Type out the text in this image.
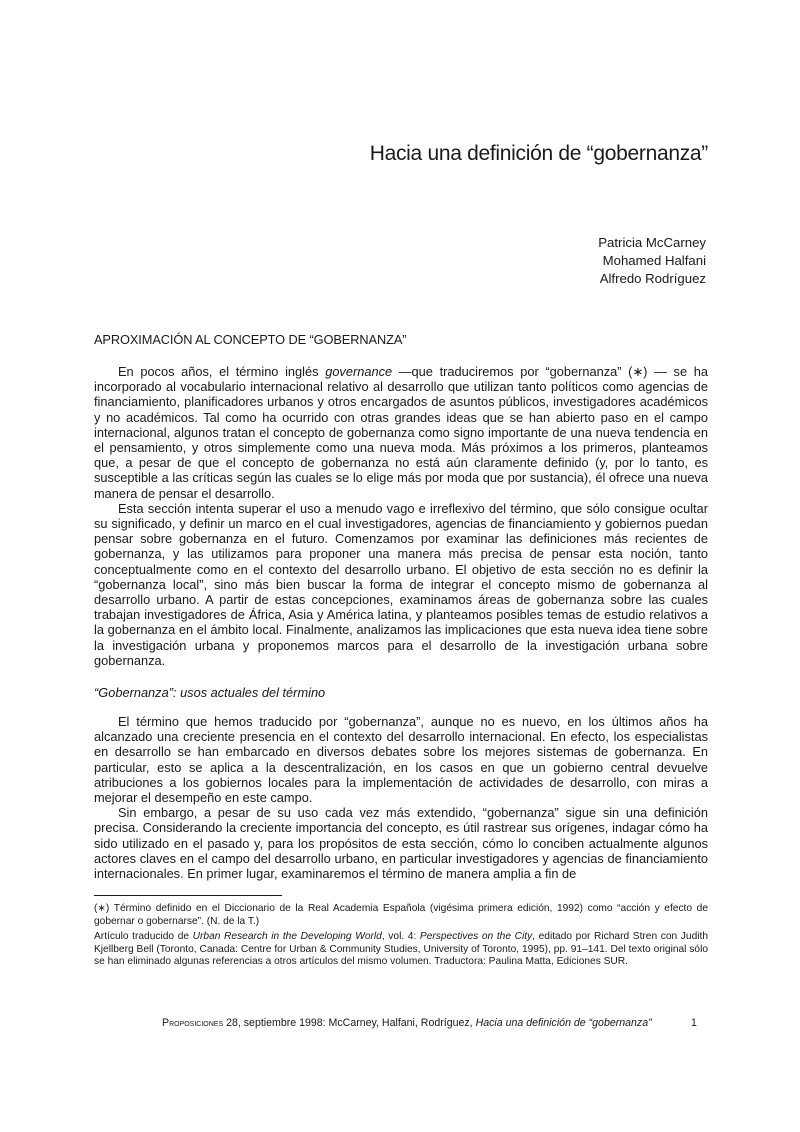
Hacia una definición de “gobernanza”
Patricia McCarney
Mohamed Halfani
Alfredo Rodríguez
APROXIMACIÓN AL CONCEPTO DE “GOBERNANZA”

En pocos años, el término inglés governance —que traduciremos por “gobernanza” (∗) — se ha incorporado al vocabulario internacional relativo al desarrollo que utilizan tanto políticos como agencias de financiamiento, planificadores urbanos y otros encargados de asuntos públicos, investigadores académicos y no académicos. Tal como ha ocurrido con otras grandes ideas que se han abierto paso en el campo internacional, algunos tratan el concepto de gobernanza como signo importante de una nueva tendencia en el pensamiento, y otros simplemente como una nueva moda. Más próximos a los primeros, planteamos que, a pesar de que el concepto de gobernanza no está aún claramente definido (y, por lo tanto, es susceptible a las críticas según las cuales se lo elige más por moda que por sustancia), él ofrece una nueva manera de pensar el desarrollo.

Esta sección intenta superar el uso a menudo vago e irreflexivo del término, que sólo consigue ocultar su significado, y definir un marco en el cual investigadores, agencias de financiamiento y gobiernos puedan pensar sobre gobernanza en el futuro. Comenzamos por examinar las definiciones más recientes de gobernanza, y las utilizamos para proponer una manera más precisa de pensar esta noción, tanto conceptualmente como en el contexto del desarrollo urbano. El objetivo de esta sección no es definir la “gobernanza local”, sino más bien buscar la forma de integrar el concepto mismo de gobernanza al desarrollo urbano. A partir de estas concepciones, examinamos áreas de gobernanza sobre las cuales trabajan investigadores de África, Asia y América latina, y planteamos posibles temas de estudio relativos a la gobernanza en el ámbito local. Finalmente, analizamos las implicaciones que esta nueva idea tiene sobre la investigación urbana y proponemos marcos para el desarrollo de la investigación urbana sobre gobernanza.

“Gobernanza”: usos actuales del término

El término que hemos traducido por “gobernanza”, aunque no es nuevo, en los últimos años ha alcanzado una creciente presencia en el contexto del desarrollo internacional. En efecto, los especialistas en desarrollo se han embarcado en diversos debates sobre los mejores sistemas de gobernanza. En particular, esto se aplica a la descentralización, en los casos en que un gobierno central devuelve atribuciones a los gobiernos locales para la implementación de actividades de desarrollo, con miras a mejorar el desempeño en este campo.

Sin embargo, a pesar de su uso cada vez más extendido, “gobernanza” sigue sin una definición precisa. Considerando la creciente importancia del concepto, es útil rastrear sus orígenes, indagar cómo ha sido utilizado en el pasado y, para los propósitos de esta sección, cómo lo conciben actualmente algunos actores claves en el campo del desarrollo urbano, en particular investigadores y agencias de financiamiento internacionales. En primer lugar, examinaremos el término de manera amplia a fin de

(∗) Término definido en el Diccionario de la Real Academia Española (vigésima primera edición, 1992) como “acción y efecto de gobernar o gobernarse”. (N. de la T.)

Artículo traducido de Urban Research in the Developing World, vol. 4: Perspectives on the City, editado por Richard Stren con Judith Kjellberg Bell (Toronto, Canada: Centre for Urban & Community Studies, University of Toronto, 1995), pp. 91–141. Del texto original sólo se han eliminado algunas referencias a otros artículos del mismo volumen. Traductora: Paulina Matta, Ediciones SUR.

Proposiciones 28, septiembre 1998: McCarney, Halfani, Rodríguez, Hacia una definición de “gobernanza”	1
